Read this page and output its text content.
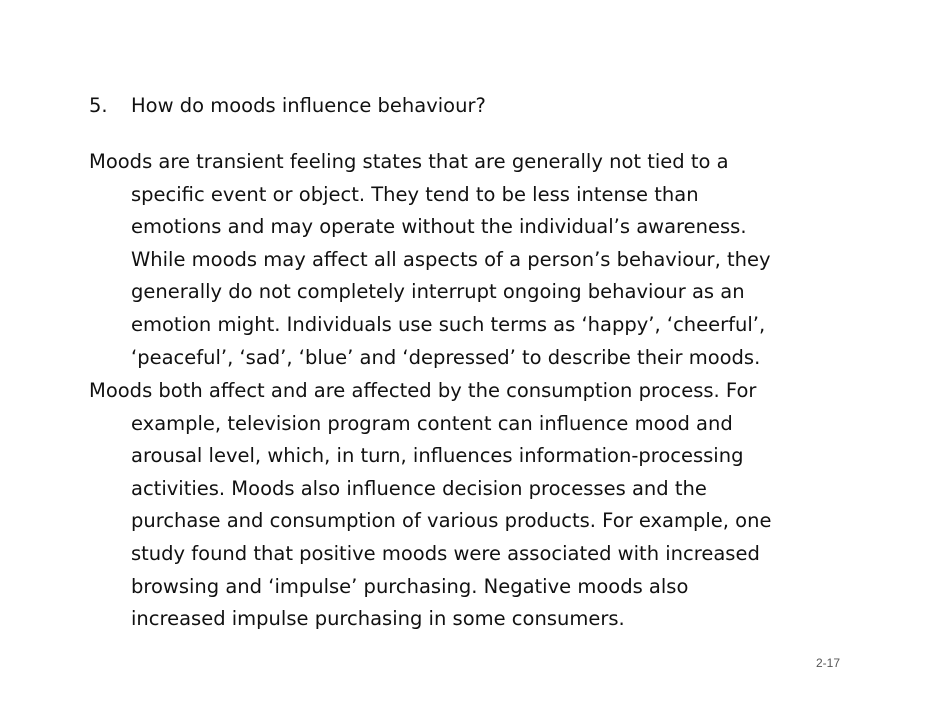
5. How do moods influence behaviour?
Moods are transient feeling states that are generally not tied to a
specific event or object. They tend to be less intense than
emotions and may operate without the individual’s awareness.
While moods may affect all aspects of a person’s behaviour, they
generally do not completely interrupt ongoing behaviour as an
emotion might. Individuals use such terms as ‘happy’, ‘cheerful’,
‘peaceful’, ‘sad’, ‘blue’ and ‘depressed’ to describe their moods.
Moods both affect and are affected by the consumption process. For
example, television program content can influence mood and
arousal level, which, in turn, influences information-processing
activities. Moods also influence decision processes and the
purchase and consumption of various products. For example, one
study found that positive moods were associated with increased
browsing and ‘impulse’ purchasing. Negative moods also
increased impulse purchasing in some consumers.
2-17
